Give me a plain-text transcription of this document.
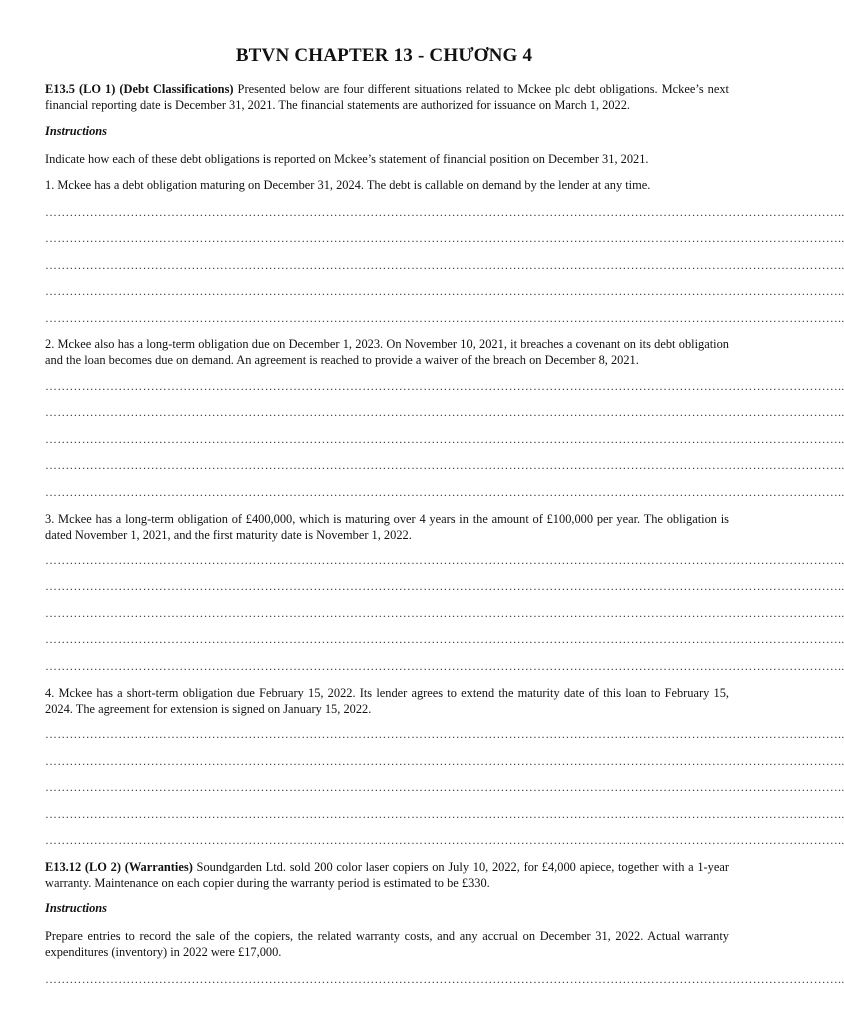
BTVN CHAPTER 13 - CHƯƠNG 4
E13.5 (LO 1) (Debt Classifications) Presented below are four different situations related to Mckee plc debt obligations. Mckee’s next financial reporting date is December 31, 2021. The financial statements are authorized for issuance on March 1, 2022.
Instructions
Indicate how each of these debt obligations is reported on Mckee’s statement of financial position on December 31, 2021.
1. Mckee has a debt obligation maturing on December 31, 2024. The debt is callable on demand by the lender at any time.
……………………………………………………………………………………………………………………………………………………………………………..
……………………………………………………………………………………………………………………………………………………………………………..
……………………………………………………………………………………………………………………………………………………………………………..
……………………………………………………………………………………………………………………………………………………………………………..
……………………………………………………………………………………………………………………………………………………………………………..
2. Mckee also has a long-term obligation due on December 1, 2023. On November 10, 2021, it breaches a covenant on its debt obligation and the loan becomes due on demand. An agreement is reached to provide a waiver of the breach on December 8, 2021.
……………………………………………………………………………………………………………………………………………………………………………..
……………………………………………………………………………………………………………………………………………………………………………..
……………………………………………………………………………………………………………………………………………………………………………..
……………………………………………………………………………………………………………………………………………………………………………..
……………………………………………………………………………………………………………………………………………………………………………..
3. Mckee has a long-term obligation of £400,000, which is maturing over 4 years in the amount of £100,000 per year. The obligation is dated November 1, 2021, and the first maturity date is November 1, 2022.
……………………………………………………………………………………………………………………………………………………………………………..
……………………………………………………………………………………………………………………………………………………………………………..
……………………………………………………………………………………………………………………………………………………………………………..
……………………………………………………………………………………………………………………………………………………………………………..
……………………………………………………………………………………………………………………………………………………………………………..
4. Mckee has a short-term obligation due February 15, 2022. Its lender agrees to extend the maturity date of this loan to February 15, 2024. The agreement for extension is signed on January 15, 2022.
……………………………………………………………………………………………………………………………………………………………………………..
……………………………………………………………………………………………………………………………………………………………………………..
……………………………………………………………………………………………………………………………………………………………………………..
……………………………………………………………………………………………………………………………………………………………………………..
……………………………………………………………………………………………………………………………………………………………………………..
E13.12 (LO 2) (Warranties) Soundgarden Ltd. sold 200 color laser copiers on July 10, 2022, for £4,000 apiece, together with a 1-year warranty. Maintenance on each copier during the warranty period is estimated to be £330.
Instructions
Prepare entries to record the sale of the copiers, the related warranty costs, and any accrual on December 31, 2022. Actual warranty expenditures (inventory) in 2022 were £17,000.
……………………………………………………………………………………………………………………………………………………………………………..
